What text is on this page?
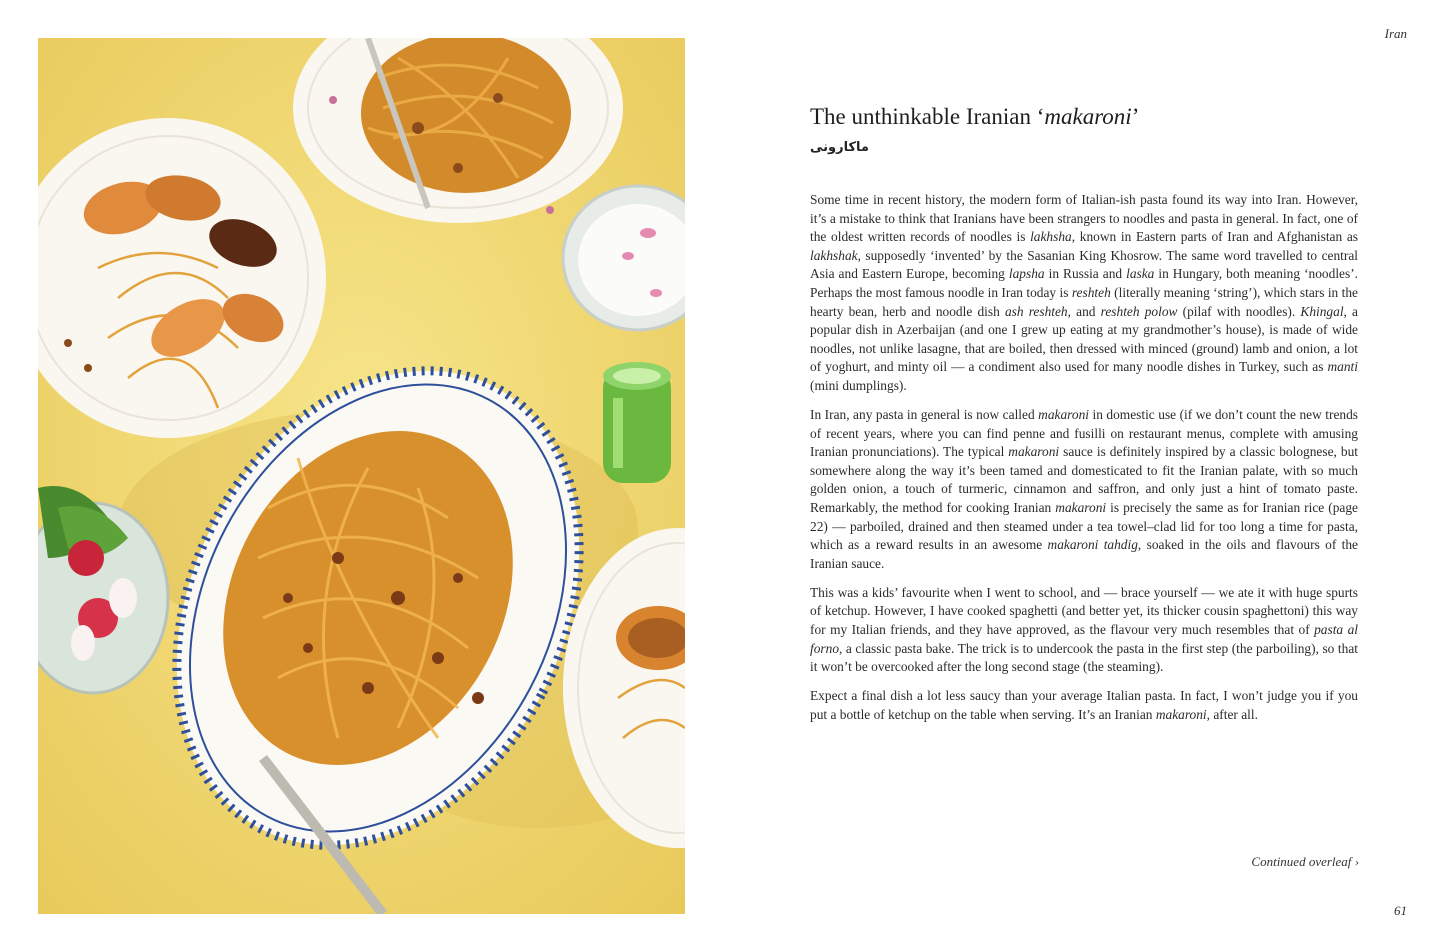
Iran
The unthinkable Iranian ‘makaroni’
ماکارونی

Some time in recent history, the modern form of Italian-ish pasta found its way into Iran. However, it’s a mistake to think that Iranians have been strangers to noodles and pasta in general. In fact, one of the oldest written records of noodles is lakhsha, known in Eastern parts of Iran and Afghanistan as lakhshak, supposedly ‘invented’ by the Sasanian King Khosrow. The same word travelled to central Asia and Eastern Europe, becoming lapsha in Russia and laska in Hungary, both meaning ‘noodles’. Perhaps the most famous noodle in Iran today is reshteh (literally meaning ‘string’), which stars in the hearty bean, herb and noodle dish ash reshteh, and reshteh polow (pilaf with noodles). Khingal, a popular dish in Azerbaijan (and one I grew up eating at my grandmother’s house), is made of wide noodles, not unlike lasagne, that are boiled, then dressed with minced (ground) lamb and onion, a lot of yoghurt, and minty oil — a condiment also used for many noodle dishes in Turkey, such as manti (mini dumplings).

In Iran, any pasta in general is now called makaroni in domestic use (if we don’t count the new trends of recent years, where you can find penne and fusilli on restaurant menus, complete with amusing Iranian pronunciations). The typical makaroni sauce is definitely inspired by a classic bolognese, but somewhere along the way it’s been tamed and domesticated to fit the Iranian palate, with so much golden onion, a touch of turmeric, cinnamon and saffron, and only just a hint of tomato paste. Remarkably, the method for cooking Iranian makaroni is precisely the same as for Iranian rice (page 22) — parboiled, drained and then steamed under a tea towel–clad lid for too long a time for pasta, which as a reward results in an awesome makaroni tahdig, soaked in the oils and flavours of the Iranian sauce.

This was a kids’ favourite when I went to school, and — brace yourself — we ate it with huge spurts of ketchup. However, I have cooked spaghetti (and better yet, its thicker cousin spaghettoni) this way for my Italian friends, and they have approved, as the flavour very much resembles that of pasta al forno, a classic pasta bake. The trick is to undercook the pasta in the first step (the parboiling), so that it won’t be overcooked after the long second stage (the steaming).

Expect a final dish a lot less saucy than your average Italian pasta. In fact, I won’t judge you if you put a bottle of ketchup on the table when serving. It’s an Iranian makaroni, after all.

Continued overleaf ›
61
